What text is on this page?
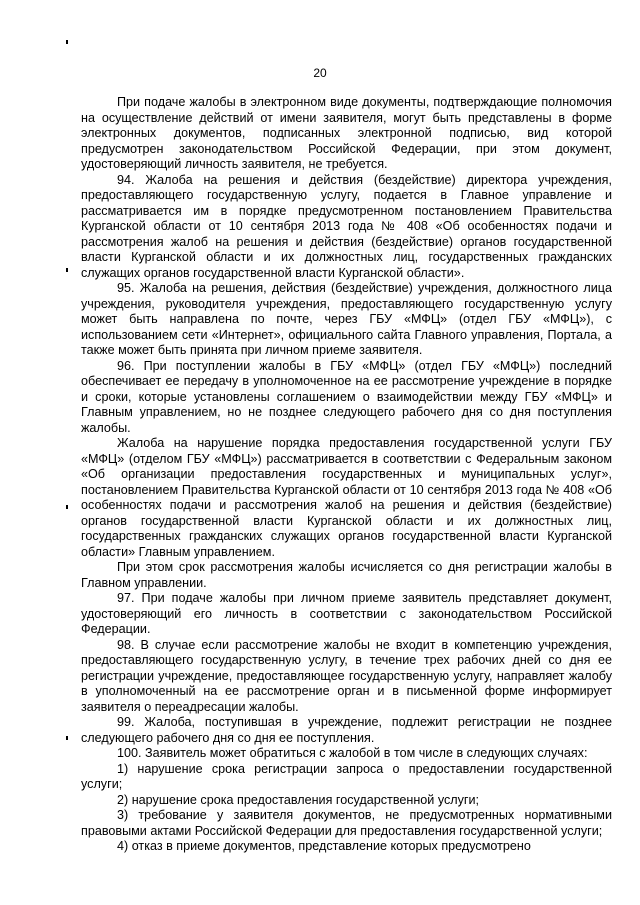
20

При подаче жалобы в электронном виде документы, подтверждающие полномочия на осуществление действий от имени заявителя, могут быть представлены в форме электронных документов, подписанных электронной подписью, вид которой предусмотрен законодательством Российской Федерации, при этом документ, удостоверяющий личность заявителя, не требуется.

94. Жалоба на решения и действия (бездействие) директора учреждения, предоставляющего государственную услугу, подается в Главное управление и рассматривается им в порядке предусмотренном постановлением Правительства Курганской области от 10 сентября 2013 года № 408 «Об особенностях подачи и рассмотрения жалоб на решения и действия (бездействие) органов государственной власти Курганской области и их должностных лиц, государственных гражданских служащих органов государственной власти Курганской области».

95. Жалоба на решения, действия (бездействие) учреждения, должностного лица учреждения, руководителя учреждения, предоставляющего государственную услугу может быть направлена по почте, через ГБУ «МФЦ» (отдел ГБУ «МФЦ»), с использованием сети «Интернет», официального сайта Главного управления, Портала, а также может быть принята при личном приеме заявителя.

96. При поступлении жалобы в ГБУ «МФЦ» (отдел ГБУ «МФЦ») последний обеспечивает ее передачу в уполномоченное на ее рассмотрение учреждение в порядке и сроки, которые установлены соглашением о взаимодействии между ГБУ «МФЦ» и Главным управлением, но не позднее следующего рабочего дня со дня поступления жалобы.

Жалоба на нарушение порядка предоставления государственной услуги ГБУ «МФЦ» (отделом ГБУ «МФЦ») рассматривается в соответствии с Федеральным законом «Об организации предоставления государственных и муниципальных услуг», постановлением Правительства Курганской области от 10 сентября 2013 года № 408 «Об особенностях подачи и рассмотрения жалоб на решения и действия (бездействие) органов государственной власти Курганской области и их должностных лиц, государственных гражданских служащих органов государственной власти Курганской области» Главным управлением.

При этом срок рассмотрения жалобы исчисляется со дня регистрации жалобы в Главном управлении.

97. При подаче жалобы при личном приеме заявитель представляет документ, удостоверяющий его личность в соответствии с законодательством Российской Федерации.

98. В случае если рассмотрение жалобы не входит в компетенцию учреждения, предоставляющего государственную услугу, в течение трех рабочих дней со дня ее регистрации учреждение, предоставляющее государственную услугу, направляет жалобу в уполномоченный на ее рассмотрение орган и в письменной форме информирует заявителя о переадресации жалобы.

99. Жалоба, поступившая в учреждение, подлежит регистрации не позднее следующего рабочего дня со дня ее поступления.

100. Заявитель может обратиться с жалобой в том числе в следующих случаях:

1) нарушение срока регистрации запроса о предоставлении государственной услуги;

2) нарушение срока предоставления государственной услуги;

3) требование у заявителя документов, не предусмотренных нормативными правовыми актами Российской Федерации для предоставления государственной услуги;

4) отказ в приеме документов, представление которых предусмотрено
